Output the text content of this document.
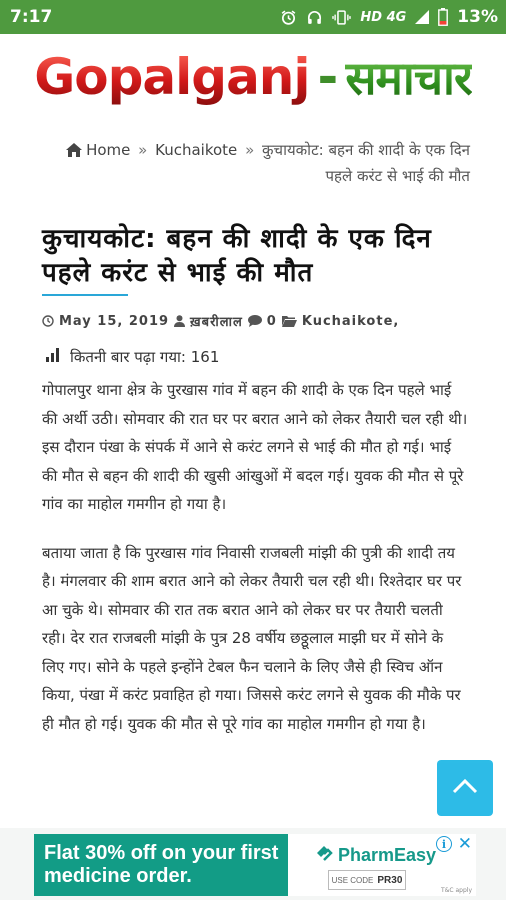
7:17	HD 4G	13%
Gopalganj - समाचार
Home » Kuchaikote » कुचायकोट: बहन की शादी के एक दिन पहले करंट से भाई की मौत
कुचायकोट: बहन की शादी के एक दिन पहले करंट से भाई की मौत
May 15, 2019 ख़बरीलाल 0 Kuchaikote,
कितनी बार पढ़ा गया: 161

गोपालपुर थाना क्षेत्र के पुरखास गांव में बहन की शादी के एक दिन पहले भाई की अर्थी उठी। सोमवार की रात घर पर बरात आने को लेकर तैयारी चल रही थी। इस दौरान पंखा के संपर्क में आने से करंट लगने से भाई की मौत हो गई। भाई की मौत से बहन की शादी की खुसी आंखुओं में बदल गई। युवक की मौत से पूरे गांव का माहोल गमगीन हो गया है।

बताया जाता है कि पुरखास गांव निवासी राजबली मांझी की पुत्री की शादी तय है। मंगलवार की शाम बरात आने को लेकर तैयारी चल रही थी। रिश्तेदार घर पर आ चुके थे। सोमवार की रात तक बरात आने को लेकर घर पर तैयारी चलती रही। देर रात राजबली मांझी के पुत्र 28 वर्षीय छठ्ठूलाल माझी घर में सोने के लिए गए। सोने के पहले इन्होंने टेबल फैन चलाने के लिए जैसे ही स्विच ऑन किया, पंखा में करंट प्रवाहित हो गया। जिससे करंट लगने से युवक की मौके पर ही मौत हो गई। युवक की मौत से पूरे गांव का माहोल गमगीन हो गया है।

Flat 30% off on your first medicine order.
PharmEasy
USE CODE PR30
i ✕
T&C apply
